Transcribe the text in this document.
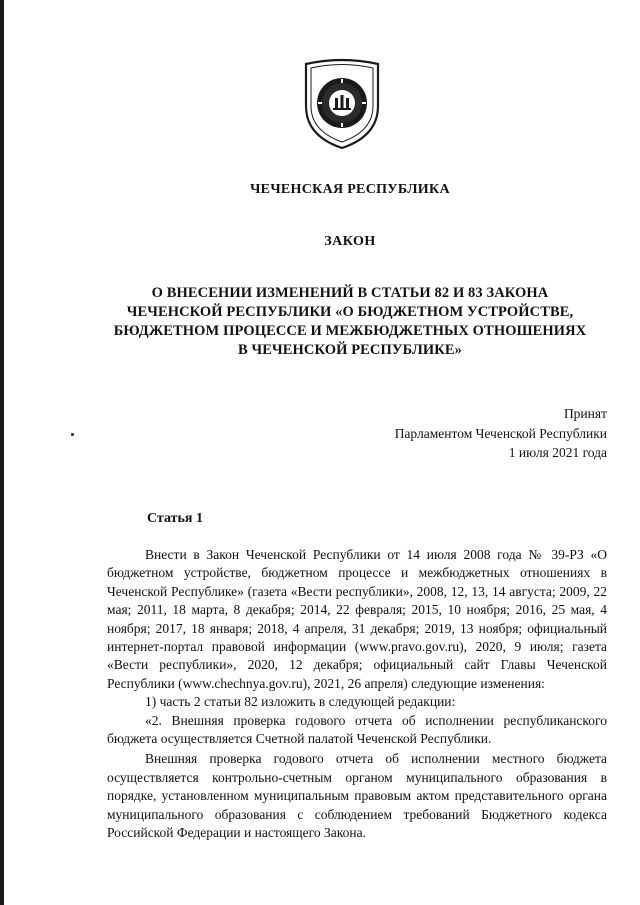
ЧЕЧЕНСКАЯ РЕСПУБЛИКА
ЗАКОН
О ВНЕСЕНИИ ИЗМЕНЕНИЙ В СТАТЬИ 82 И 83 ЗАКОНА
ЧЕЧЕНСКОЙ РЕСПУБЛИКИ «О БЮДЖЕТНОМ УСТРОЙСТВЕ,
БЮДЖЕТНОМ ПРОЦЕССЕ И МЕЖБЮДЖЕТНЫХ ОТНОШЕНИЯХ
В ЧЕЧЕНСКОЙ РЕСПУБЛИКЕ»
Принят
Парламентом Чеченской Республики
1 июля 2021 года
Статья 1

Внести в Закон Чеченской Республики от 14 июля 2008 года № 39-РЗ «О бюджетном устройстве, бюджетном процессе и межбюджетных отношениях в Чеченской Республике» (газета «Вести республики», 2008, 12, 13, 14 августа; 2009, 22 мая; 2011, 18 марта, 8 декабря; 2014, 22 февраля; 2015, 10 ноября; 2016, 25 мая, 4 ноября; 2017, 18 января; 2018, 4 апреля, 31 декабря; 2019, 13 ноября; официальный интернет-портал правовой информации (www.pravo.gov.ru), 2020, 9 июля; газета «Вести республики», 2020, 12 декабря; официальный сайт Главы Чеченской Республики (www.chechnya.gov.ru), 2021, 26 апреля) следующие изменения:

1) часть 2 статьи 82 изложить в следующей редакции:

«2. Внешняя проверка годового отчета об исполнении республиканского бюджета осуществляется Счетной палатой Чеченской Республики.

Внешняя проверка годового отчета об исполнении местного бюджета осуществляется контрольно-счетным органом муниципального образования в порядке, установленном муниципальным правовым актом представительного органа муниципального образования с соблюдением требований Бюджетного кодекса Российской Федерации и настоящего Закона.
